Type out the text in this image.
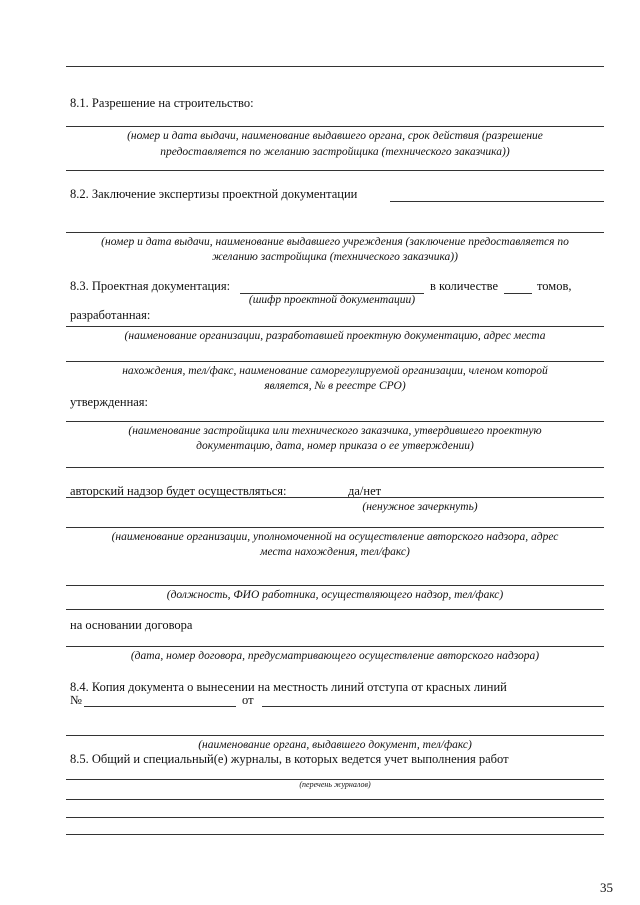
8.1. Разрешение на строительство:
(номер и дата выдачи, наименование выдавшего органа, срок действия (разрешение
предоставляется по желанию застройщика (технического заказчика))
8.2. Заключение экспертизы проектной документации
(номер и дата выдачи, наименование выдавшего учреждения (заключение предоставляется по
желанию застройщика (технического заказчика))
8.3. Проектная документация:	в количестве	томов,
(шифр проектной документации)
разработанная:
(наименование организации, разработавшей проектную документацию, адрес места
нахождения, тел/факс, наименование саморегулируемой организации, членом которой
является, № в реестре СРО)
утвержденная:
(наименование застройщика или технического заказчика, утвердившего проектную
документацию, дата, номер приказа о ее утверждении)
авторский надзор будет осуществляться:	да/нет
(ненужное зачеркнуть)
(наименование организации, уполномоченной на осуществление авторского надзора, адрес
места нахождения, тел/факс)
(должность, ФИО работника, осуществляющего надзор, тел/факс)
на основании договора
(дата, номер договора, предусматривающего осуществление авторского надзора)
8.4. Копия документа о вынесении на местность линий отступа от красных линий
№	от
(наименование органа, выдавшего документ, тел/факс)
8.5. Общий и специальный(е) журналы, в которых ведется учет выполнения работ
(перечень журналов)
35
